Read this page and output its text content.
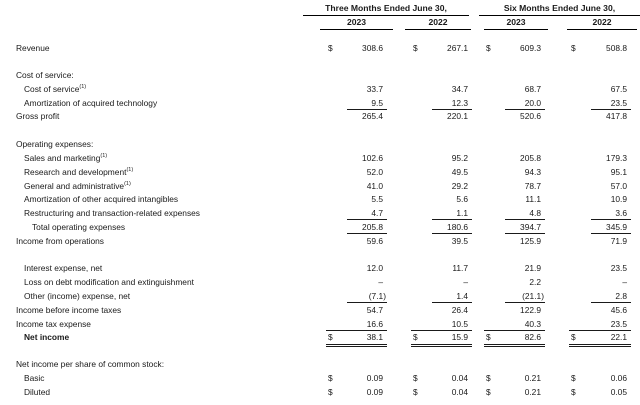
Three Months Ended June 30,	Six Months Ended June 30,
2023	2022	2023	2022
Revenue	$	308.6	$	267.1 $	609.3	$	508.8
Cost of service:
Cost of service$^{(1)}$	33.7	34.7	68.7	67.5
Amortization of acquired technology	9.5	12.3	20.0	23.5
Gross profit	265.4	220.1	520.6	417.8
Operating expenses:
Sales and marketing$^{(1)}$	102.6	95.2	205.8	179.3
Research and development$^{(1)}$	52.0	49.5	94.3	95.1
General and administrative$^{(1)}$	41.0	29.2	78.7	57.0
Amortization of other acquired intangibles	5.5	5.6	11.1	10.9
Restructuring and transaction-related expenses	4.7	1.1	4.8	3.6
Total operating expenses	205.8	180.6	394.7	345.9
Income from operations	59.6	39.5	125.9	71.9
Interest expense, net	12.0	11.7	21.9	23.5
Loss on debt modification and extinguishment	–	–	2.2	–
Other (income) expense, net	(7.1)	1.4	(21.1)	2.8
Income before income taxes	54.7	26.4	122.9	45.6
Income tax expense	16.6	10.5	40.3	23.5
Net income	$	38.1	$	15.9 $	82.6	$	22.1
Net income per share of common stock:
Basic	$	0.09	$	0.04 $	0.21	$	0.06
Diluted	$	0.09	$	0.04 $	0.21	$	0.05
